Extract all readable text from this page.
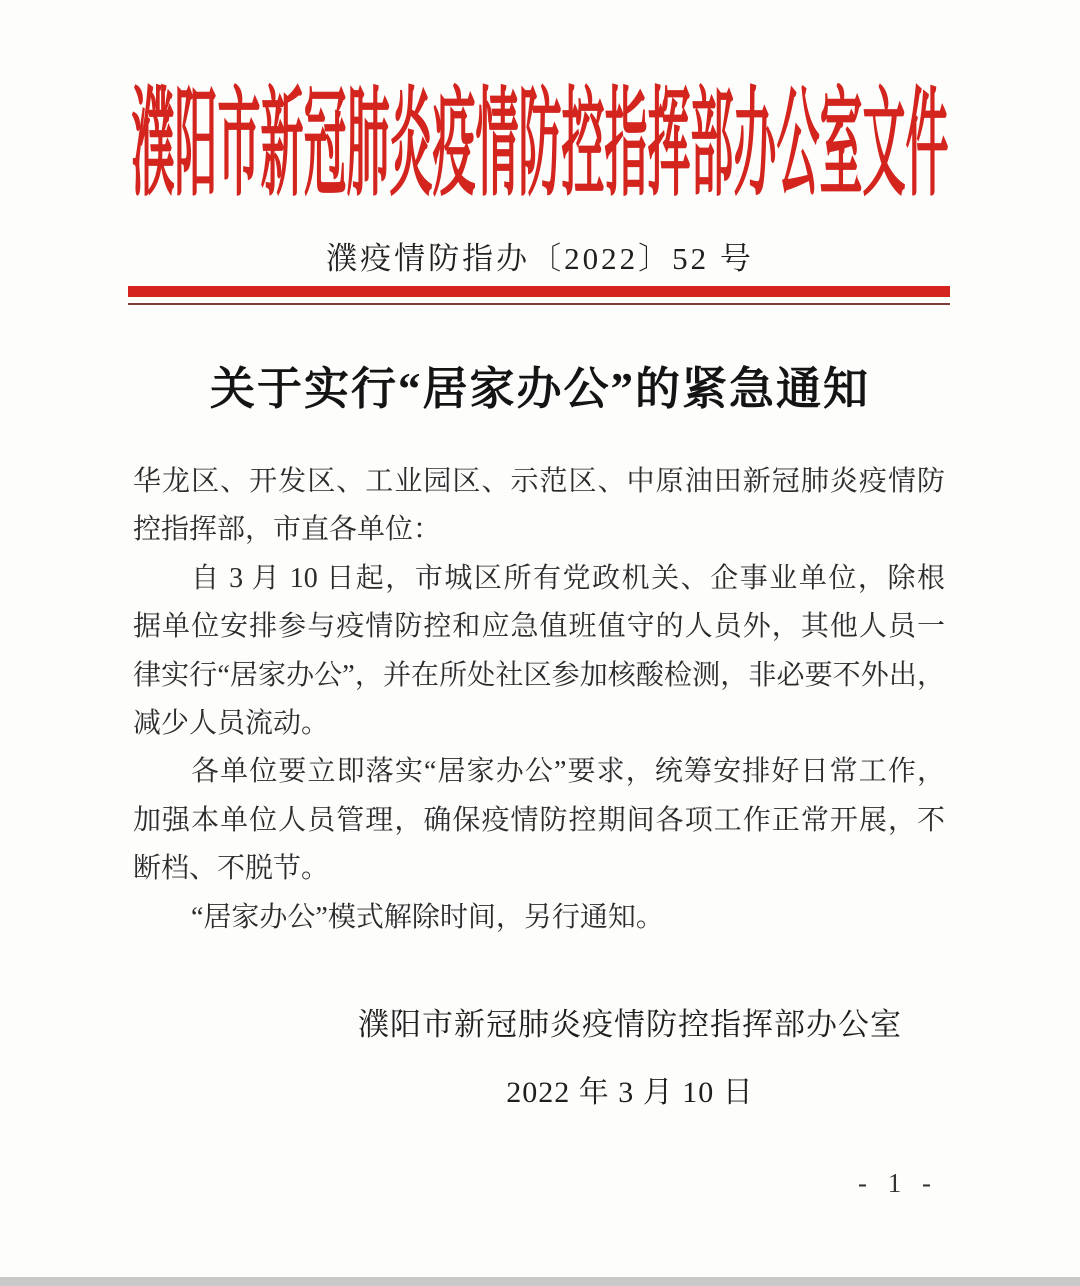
濮阳市新冠肺炎疫情防控指挥部办公室文件
濮疫情防指办〔2022〕52 号
关于实行“居家办公”的紧急通知
华龙区、开发区、工业园区、示范区、中原油田新冠肺炎疫情防
控指挥部，市直各单位：
自 3 月 10 日起，市城区所有党政机关、企事业单位，除根
据单位安排参与疫情防控和应急值班值守的人员外，其他人员一
律实行“居家办公”，并在所处社区参加核酸检测，非必要不外出，
减少人员流动。
各单位要立即落实“居家办公”要求，统筹安排好日常工作，
加强本单位人员管理，确保疫情防控期间各项工作正常开展，不
断档、不脱节。
“居家办公”模式解除时间，另行通知。
濮阳市新冠肺炎疫情防控指挥部办公室
2022 年 3 月 10 日
- 1 -
